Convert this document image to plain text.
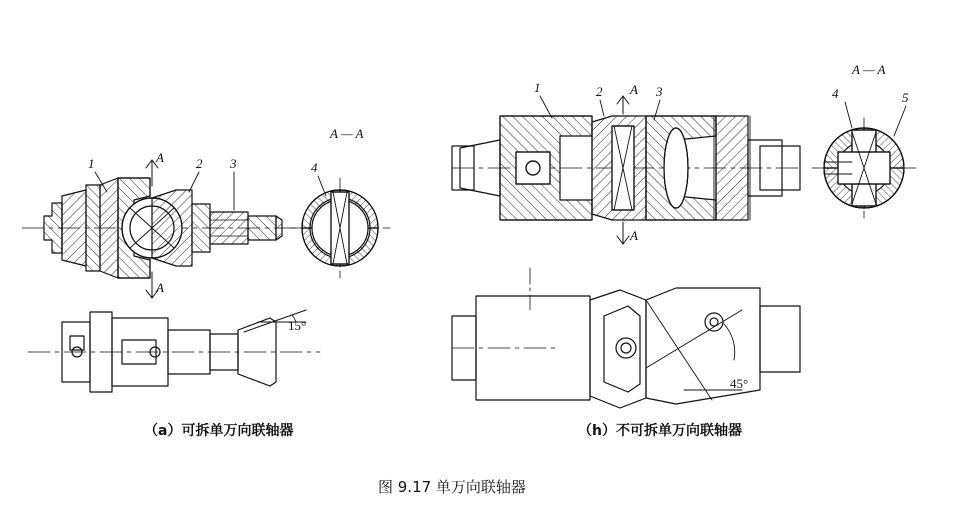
1	2 3	4
A
A
A — A
15°
1	2	3
A
A
A — A
4	5
45°
（a）可拆单万向联轴器	（h）不可拆单万向联轴器
图 9.17 单万向联轴器
